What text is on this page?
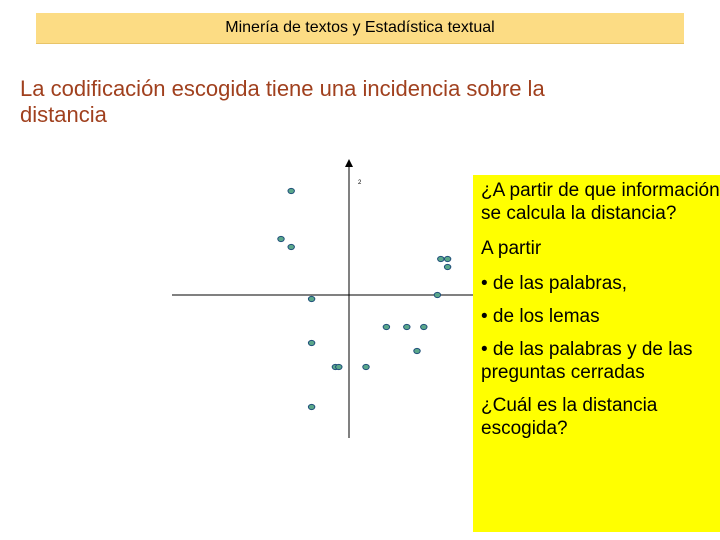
Minería de textos y Estadística textual
La codificación escogida tiene una incidencia sobre la distancia
2	¿A partir de que información se calcula la distancia?

A partir

• de las palabras,

• de los lemas

• de las palabras y de las preguntas cerradas

¿Cuál es la distancia escogida?
